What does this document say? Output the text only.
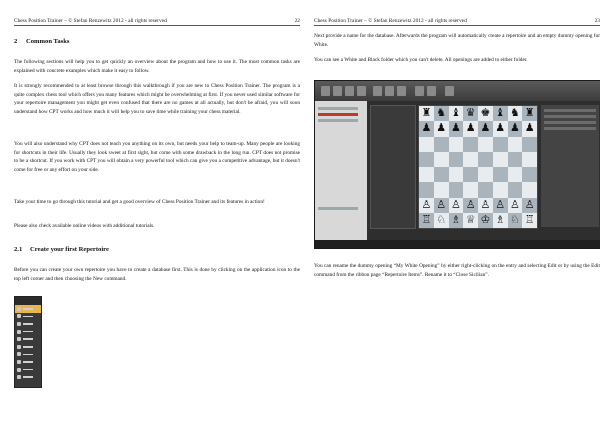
Chess Position Trainer – © Stefan Renzewitz 2012 - all rights reserved	22
2 Common Tasks

The following sections will help you to get quickly an overview about the program and how to use it. The most common tasks are explained with concrete examples which make it easy to follow.

It is strongly recommended to at least browse through this walkthrough if you are new to Chess Position Trainer. The program is a quite complex chess tool which offers you many features which might be overwhelming at first. If you never used similar software for your repertoire management you might get even confused that there are no games at all actually, but don't be afraid, you will soon understand how CPT works and how much it will help you to save time while training your chess material.

You will also understand why CPT does not teach you anything on its own, but needs your help to team-up. Many people are looking for shortcuts in their life. Usually they look sweet at first sight, but come with some drawback in the long run. CPT does not promise to be a shortcut. If you work with CPT you will obtain a very powerful tool which can give you a competitive advantage, but it doesn't come for free or any effort on your side.

Take your time to go through this tutorial and get a good overview of Chess Position Trainer and its features in action!

Please also check available online videos with additional tutorials.

2.1 Create your first Repertoire

Before you can create your own repertoire you have to create a database first. This is done by clicking on the application icon to the top left corner and then choosing the New command.

Chess Position Trainer – © Stefan Renzewitz 2012 - all rights reserved	23

Next provide a name for the database. Afterwards the program will automatically create a repertoire and an empty dummy opening for White.

You can see a White and Black folder which you can't delete. All openings are added to either folder.

♜ ♞ ♝ ♛ ♚ ♝ ♞ ♜
♟ ♟ ♟ ♟ ♟ ♟ ♟ ♟
♙ ♙ ♙ ♙ ♙ ♙ ♙ ♙
♖ ♘ ♗ ♕ ♔ ♗ ♘ ♖

You can rename the dummy opening “My White Opening” by either right-clicking on the entry and selecting Edit or by using the Edit command from the ribbon page “Repertoire Items”. Rename it to “Close Sicilian”.
